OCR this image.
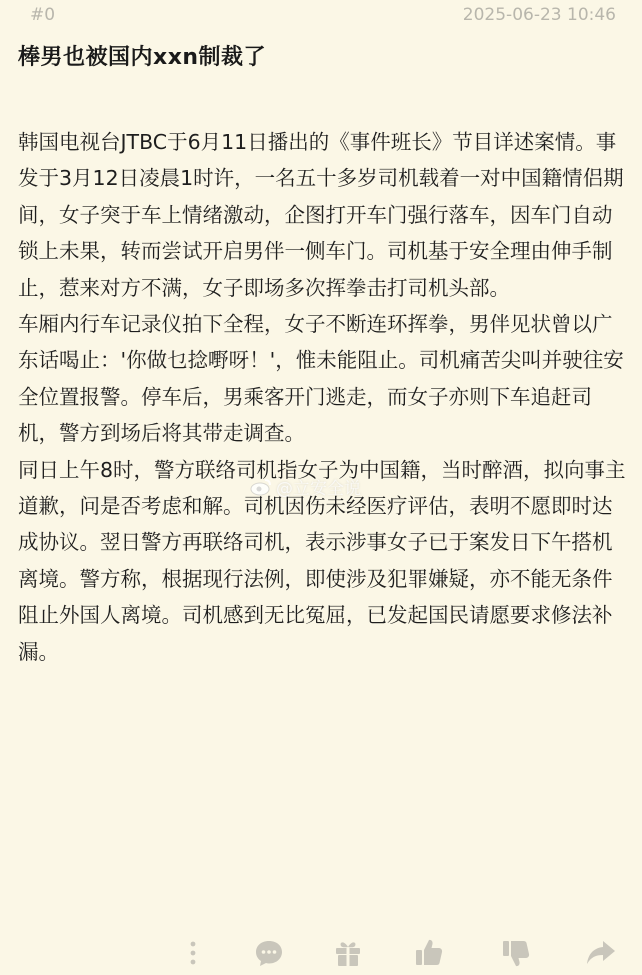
#0	2025-06-23 10:46
棒男也被国内xxn制裁了

韩国电视台JTBC于6月11日播出的《事件班长》节目详述案情。事发于3月12日凌晨1时许，一名五十多岁司机载着一对中国籍情侣期间，女子突于车上情绪激动，企图打开车门强行落车，因车门自动锁上未果，转而尝试开启男伴一侧车门。司机基于安全理由伸手制止，惹来对方不满，女子即场多次挥拳击打司机头部。

车厢内行车记录仪拍下全程，女子不断连环挥拳，男伴见状曾以广东话喝止：'你做乜捻嘢呀！'，惟未能阻止。司机痛苦尖叫并驶往安全位置报警。停车后，男乘客开门逃走，而女子亦则下车追赶司机，警方到场后将其带走调查。

同日上午8时，警方联络司机指女子为中国籍，当时醉酒，拟向事主道歉，问是否考虑和解。司机因伤未经医疗评估，表明不愿即时达成协议。翌日警方再联络司机，表示涉事女子已于案发日下午搭机离境。警方称，根据现行法例，即使涉及犯罪嫌疑，亦不能无条件阻止外国人离境。司机感到无比冤屈，已发起国民请愿要求修法补漏。

@立安全说
